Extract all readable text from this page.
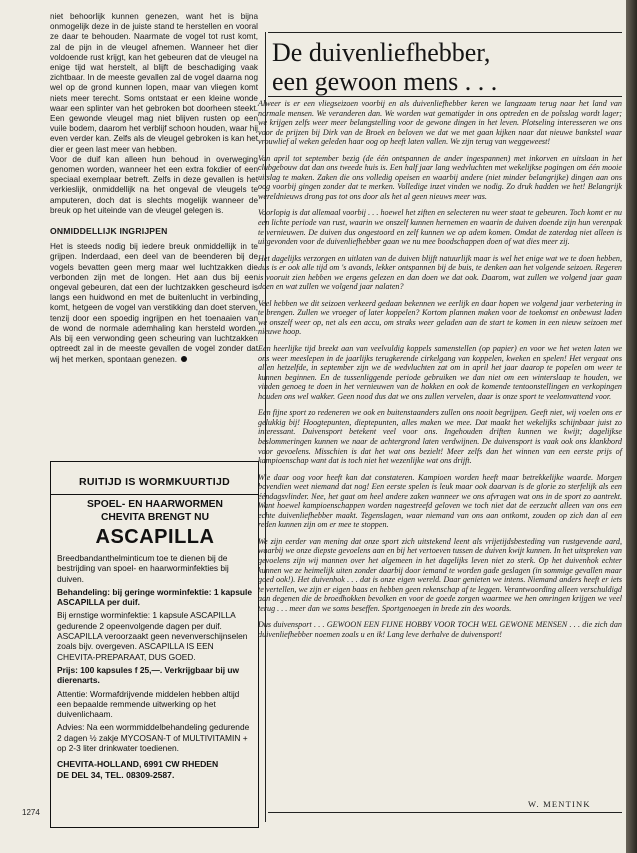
niet behoorlijk kunnen genezen, want het is bijna onmogelijk deze in de juiste stand te herstellen en vooral ze daar te behouden. Naarmate de vogel tot rust komt, zal de pijn in de vleugel afnemen. Wanneer het dier voldoende rust krijgt, kan het gebeuren dat de vleugel na enige tijd wat herstelt, al blijft de beschadiging vaak zichtbaar. In de meeste gevallen zal de vogel daarna nog wel op de grond kunnen lopen, maar van vliegen komt niets meer terecht. Soms ontstaat er een kleine wonde waar een splinter van het gebroken bot doorheen steekt. Een gewonde vleugel mag niet blijven rusten op een vuile bodem, daarom het verblijf schoon houden, waar hij even verder kan. Zelfs als de vleugel gebroken is kan het dier er geen last meer van hebben.

Voor de duif kan alleen hun behoud in overweging genomen worden, wanneer het een extra fokdier of een speciaal exemplaar betreft. Zelfs in deze gevallen is het verkieslijk, onmiddellijk na het ongeval de vleugels te amputeren, doch dat is slechts mogelijk wanneer de breuk op het uiteinde van de vleugel gelegen is.

ONMIDDELLIJK INGRIJPEN

Het is steeds nodig bij iedere breuk onmiddellijk in te grijpen. Inderdaad, een deel van de beenderen bij de vogels bevatten geen merg maar wel luchtzakken die verbonden zijn met de longen. Het aan dus bij een ongeval gebeuren, dat een der luchtzakken gescheurd is langs een huidwond en met de buitenlucht in verbinding komt, hetgeen de vogel van verstikking dan doet sterven, tenzij door een spoedig ingrijpen en het toenaaien van de wond de normale ademhaling kan hersteld worden. Als bij een verwonding geen scheuring van luchtzakken optreedt zal in de meeste gevallen de vogel zonder dat wij het merken, spontaan genezen.

RUITIJD IS WORMKUURTIJD
SPOEL- EN HAARWORMEN
CHEVITA BRENGT NU
ASCAPILLA

Breedbandanthelminticum toe te dienen bij de bestrijding van spoel- en haarworminfekties bij duiven.

Behandeling: bij geringe worminfektie: 1 kapsule ASCAPILLA per duif.

Bij ernstige worminfektie: 1 kapsule ASCAPILLA gedurende 2 opeenvolgende dagen per duif. ASCAPILLA veroorzaakt geen nevenverschijnselen zoals bijv. overgeven. ASCAPILLA IS EEN CHEVITA-PREPARAAT, DUS GOED.

Prijs: 100 kapsules f 25,—. Verkrijgbaar bij uw dierenarts.

Attentie: Wormafdrijvende middelen hebben altijd een bepaalde remmende uitwerking op het duivenlichaam.

Advies: Na een wormmiddelbehandeling gedurende 2 dagen ½ zakje MYCOSAN-T of MULTIVITAMIN + op 2-3 liter drinkwater toedienen.

CHEVITA-HOLLAND, 6991 CW RHEDEN
DE DEL 34, TEL. 08309-2587.
1274
De duivenliefhebber,
een gewoon mens . . .

Alweer is er een vliegseizoen voorbij en als duivenliefhebber keren we langzaam terug naar het land van normale mensen. We veranderen dan. We worden wat gematigder in ons optreden en de polsslag wordt lager; we krijgen zelfs weer meer belangstelling voor de gewone dingen in het leven. Plotseling interesseren we ons voor de prijzen bij Dirk van de Broek en beloven we dat we met gaan kijken naar dat nieuwe bankstel waar vrouwlief al weken geleden haar oog op heeft laten vallen. We zijn terug van weggeweest!

Van april tot september bezig (de één ontspannen de ander ingespannen) met inkorven en uitslaan in het clubgebouw dat dan ons tweede huis is. Een half jaar lang wedvluchten met wekelijkse pogingen om één mooie uitslag te maken. Zaken die ons volledig opeisen en waarbij andere (niet minder belangrijke) dingen aan ons oog voorbij gingen zonder dat te merken. Volledige inzet vinden we nodig. Zo druk hadden we het! Belangrijk wereldnieuws drong pas tot ons door als het al geen nieuws meer was.

Voorlopig is dat allemaal voorbij . . . hoewel het ziften en selecteren nu weer staat te gebeuren. Toch komt er nu een lichte periode van rust, waarin we onszelf kunnen hernemen en waarin de duiven doende zijn hun verenpak te vernieuwen. De duiven dus ongestoord en zelf kunnen we op adem komen. Omdat de zaterdag niet alleen is uitgevonden voor de duivenliefhebber gaan we nu mee boodschappen doen of wat dies meer zij.

Het dagelijks verzorgen en uitlaten van de duiven blijft natuurlijk maar is wel het enige wat we te doen hebben, dus is er ook alle tijd om 's avonds, lekker ontspannen bij de buis, te denken aan het volgende seizoen. Regeren is vooruit zien hebben we ergens gelezen en dan doen we dat ook. Daarom, wat zullen we volgend jaar gaan doen en wat zullen we volgend jaar nalaten?

Veel hebben we dit seizoen verkeerd gedaan bekennen we eerlijk en daar hopen we volgend jaar verbetering in te brengen. Zullen we vroeger of later koppelen? Kortom plannen maken voor de toekomst en onbewust laden we onszelf weer op, net als een accu, om straks weer geladen aan de start te komen in een nieuw seizoen met nieuwe hoop.

Een heerlijke tijd breekt aan van veelvuldig koppels samenstellen (op papier) en voor we het weten laten we ons weer meeslepen in de jaarlijks terugkerende cirkelgang van koppelen, kweken en spelen! Het vergaat ons allen hetzelfde, in september zijn we de wedvluchten zat om in april het jaar daarop te popelen om weer te kunnen beginnen. En de tussenliggende periode gebruiken we dan niet om een winterslaap te houden, we vinden genoeg te doen in het vernieuwen van de hokken en ook de komende tentoonstellingen en verkopingen houden ons wel wakker. Geen nood dus dat we ons zullen vervelen, daar is onze sport te veelomvattend voor.

Een fijne sport zo redeneren we ook en buitenstaanders zullen ons nooit begrijpen. Geeft niet, wij voelen ons er gelukkig bij! Hoogtepunten, dieptepunten, alles maken we mee. Dat maakt het wekelijks schijnbaar juist zo interessant. Duivensport betekent veel voor ons. Ingehouden driften kunnen we kwijt; dagelijkse beslommeringen kunnen we naar de achtergrond laten verdwijnen. De duivensport is vaak ook ons klankbord voor gevoelens. Misschien is dat het wat ons bezielt! Meer zelfs dan het winnen van een eerste prijs of kampioenschap want dat is toch niet het wezenlijke wat ons drijft.

Wie daar oog voor heeft kan dat constateren. Kampioen worden heeft maar betrekkelijke waarde. Morgen bovendien weet niemand dat nog! Een eerste spelen is leuk maar ook daarvan is de glorie zo sterfelijk als een ééndagsvlinder. Nee, het gaat om heel andere zaken wanneer we ons afvragen wat ons in de sport zo aantrekt. Want hoewel kampioenschappen worden nagestreefd geloven we toch niet dat de eerzucht alleen van ons een echte duivenliefhebber maakt. Tegenslagen, waar niemand van ons aan ontkomt, zouden op zich dan al een reden kunnen zijn om er mee te stoppen.

We zijn eerder van mening dat onze sport zich uitstekend leent als vrijetijdsbesteding van rustgevende aard, waarbij we onze diepste gevoelens aan en bij het vertoeven tussen de duiven kwijt kunnen. In het uitspreken van gevoelens zijn wij mannen over het algemeen in het dagelijks leven niet zo sterk. Op het duivenhok echter kunnen we ze heimelijk uiten zonder daarbij door iemand te worden gade geslagen (in sommige gevallen maar goed ook!). Het duivenhok . . . dat is onze eigen wereld. Daar genieten we intens. Niemand anders heeft er iets te vertellen, we zijn er eigen baas en hebben geen rekenschap af te leggen. Verantwoording alleen verschuldigd aan degenen die de broedhokken bevolken en voor de goede zorgen waarmee we hen omringen krijgen we veel terug . . . meer dan we soms beseffen. Sportgenoegen in brede zin des woords.

Dus duivensport . . . GEWOON EEN FIJNE HOBBY VOOR TOCH WEL GEWONE MENSEN . . . die zich dan duivenliefhebber noemen zoals u en ik! Lang leve derhalve de duivensport!

W. MENTINK
